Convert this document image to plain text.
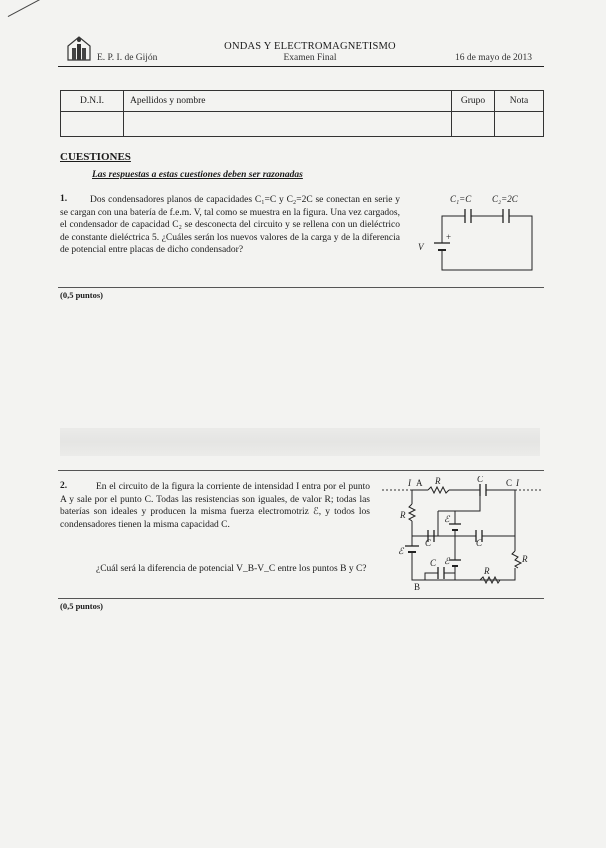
E. P. I. de Gijón
ONDAS Y ELECTROMAGNETISMO
Examen Final	16 de mayo de 2013
D.N.I.	Apellidos y nombre	Grupo	Nota

CUESTIONES
Las respuestas a estas cuestiones deben ser razonadas
1.	Dos condensadores planos de capacidades C₁=C y C₂=2C se conectan en serie y se cargan con una batería de f.e.m. V, tal como se muestra en la figura. Una vez cargados, el condensador de capacidad C₂ se desconecta del circuito y se rellena con un dieléctrico de constante dieléctrica 5. ¿Cuáles serán los nuevos valores de la carga y de la diferencia de potencial entre placas de dicho condensador?
C₁=C C₂=2C
+
V
(0,5 puntos)
2.	En el circuito de la figura la corriente de intensidad I entra por el punto A y sale por el punto C. Todas las resistencias son iguales, de valor R; todas las baterías son ideales y producen la misma fuerza electromotriz ℰ, y todos los condensadores tienen la misma capacidad C.
¿Cuál será la diferencia de potencial V_B-V_C entre los puntos B y C?
I A	C I
R	C
R
ℰ
B
ℰ
ℰ
C	C
R
R
C
(0,5 puntos)
